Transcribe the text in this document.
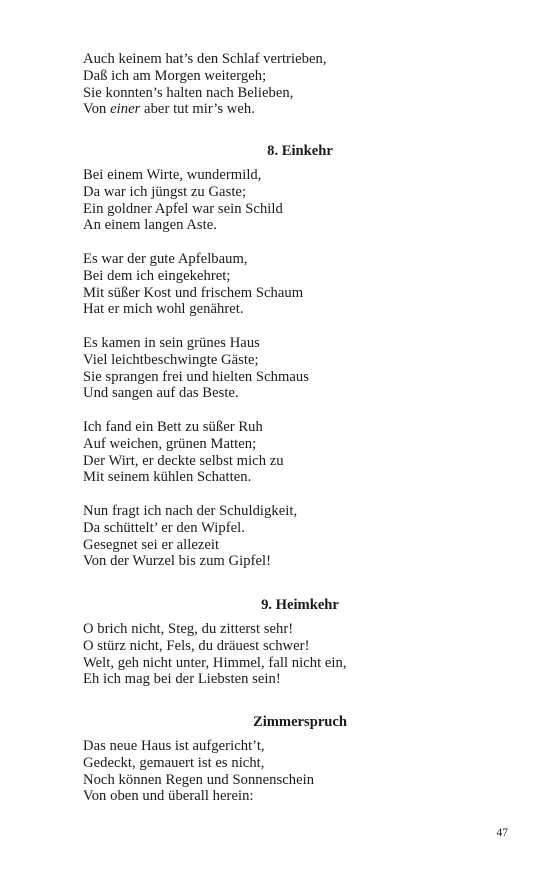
Auch keinem hat’s den Schlaf vertrieben,
Daß ich am Morgen weitergeh;
Sie konnten’s halten nach Belieben,
Von einer aber tut mir’s weh.
8. Einkehr
Bei einem Wirte, wundermild,
Da war ich jüngst zu Gaste;
Ein goldner Apfel war sein Schild
An einem langen Aste.
Es war der gute Apfelbaum,
Bei dem ich eingekehret;
Mit süßer Kost und frischem Schaum
Hat er mich wohl genähret.
Es kamen in sein grünes Haus
Viel leichtbeschwingte Gäste;
Sie sprangen frei und hielten Schmaus
Und sangen auf das Beste.
Ich fand ein Bett zu süßer Ruh
Auf weichen, grünen Matten;
Der Wirt, er deckte selbst mich zu
Mit seinem kühlen Schatten.
Nun fragt ich nach der Schuldigkeit,
Da schüttelt’ er den Wipfel.
Gesegnet sei er allezeit
Von der Wurzel bis zum Gipfel!
9. Heimkehr
O brich nicht, Steg, du zitterst sehr!
O stürz nicht, Fels, du dräuest schwer!
Welt, geh nicht unter, Himmel, fall nicht ein,
Eh ich mag bei der Liebsten sein!
Zimmerspruch
Das neue Haus ist aufgericht’t,
Gedeckt, gemauert ist es nicht,
Noch können Regen und Sonnenschein
Von oben und überall herein:
47
